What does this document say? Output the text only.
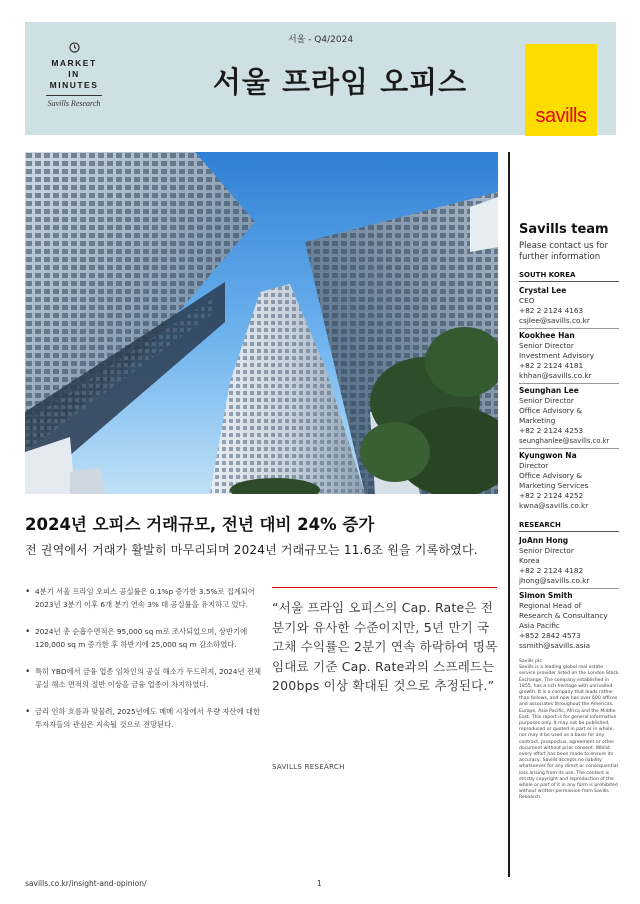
MARKET
IN
MINUTES
Savills Research
서울 - Q4/2024
서울 프라임 오피스
savills
Savills team
Please contact us for further information
SOUTH KOREA
Crystal Lee
CEO
+82 2 2124 4163
csjlee@savills.co.kr
Kookhee Han
Senior Director
Investment Advisory
+82 2 2124 4181
khhan@savills.co.kr
Seunghan Lee
Senior Director
Office Advisory &
Marketing
+82 2 2124 4253
seunghanlee@savills.co.kr
Kyungwon Na
Director
Office Advisory &
Marketing Services
+82 2 2124 4252
kwna@savills.co.kr
RESEARCH
JoAnn Hong
Senior Director
Korea
+82 2 2124 4182
jhong@savills.co.kr
Simon Smith
Regional Head of
Research & Consultancy
Asia Pacific
+852 2842 4573
ssmith@savills.asia
Savills plc
Savills is a leading global real estate service provider listed on the London Stock Exchange. The company established in 1855, has a rich heritage with unrivalled growth. It is a company that leads rather than follows, and now has over 600 offices and associates throughout the Americas, Europe, Asia Pacific, Africa and the Middle East. This report is for general informative purposes only. It may not be published, reproduced or quoted in part or in whole, nor may it be used as a basis for any contract, prospectus, agreement or other document without prior consent. Whilst every effort has been made to ensure its accuracy, Savills accepts no liability whatsoever for any direct or consequential loss arising from its use. The content is strictly copyright and reproduction of the whole or part of it in any form is prohibited without written permission from Savills Research.
2024년 오피스 거래규모, 전년 대비 24% 증가
전 권역에서 거래가 활발히 마무리되며 2024년 거래규모는 11.6조 원을 기록하였다.
• 4분기 서울 프라임 오피스 공실률은 0.1%p 증가한 3.5%로 집계되어 2023년 3분기 이후 6개 분기 연속 3% 대 공실률을 유지하고 있다.
• 2024년 총 순흡수면적은 95,000 sq m로 조사되었으며, 상반기에 120,000 sq m 증가한 후 하반기에 25,000 sq m 감소하였다.
• 특히 YBD에서 금융 업종 임차인의 공실 해소가 두드러져, 2024년 전체 공실 해소 면적의 절반 이상을 금융 업종이 차지하였다.
• 금리 인하 흐름과 맞물려, 2025년에도 매매 시장에서 우량 자산에 대한 투자자들의 관심은 지속될 것으로 전망된다.
“서울 프라임 오피스의 Cap. Rate은 전 분기와 유사한 수준이지만, 5년 만기 국고채 수익률은 2분기 연속 하락하여 명목 임대료 기준 Cap. Rate과의 스프레드는 200bps 이상 확대된 것으로 추정된다.”
SAVILLS RESEARCH
savills.co.kr/insight-and-opinion/	1
